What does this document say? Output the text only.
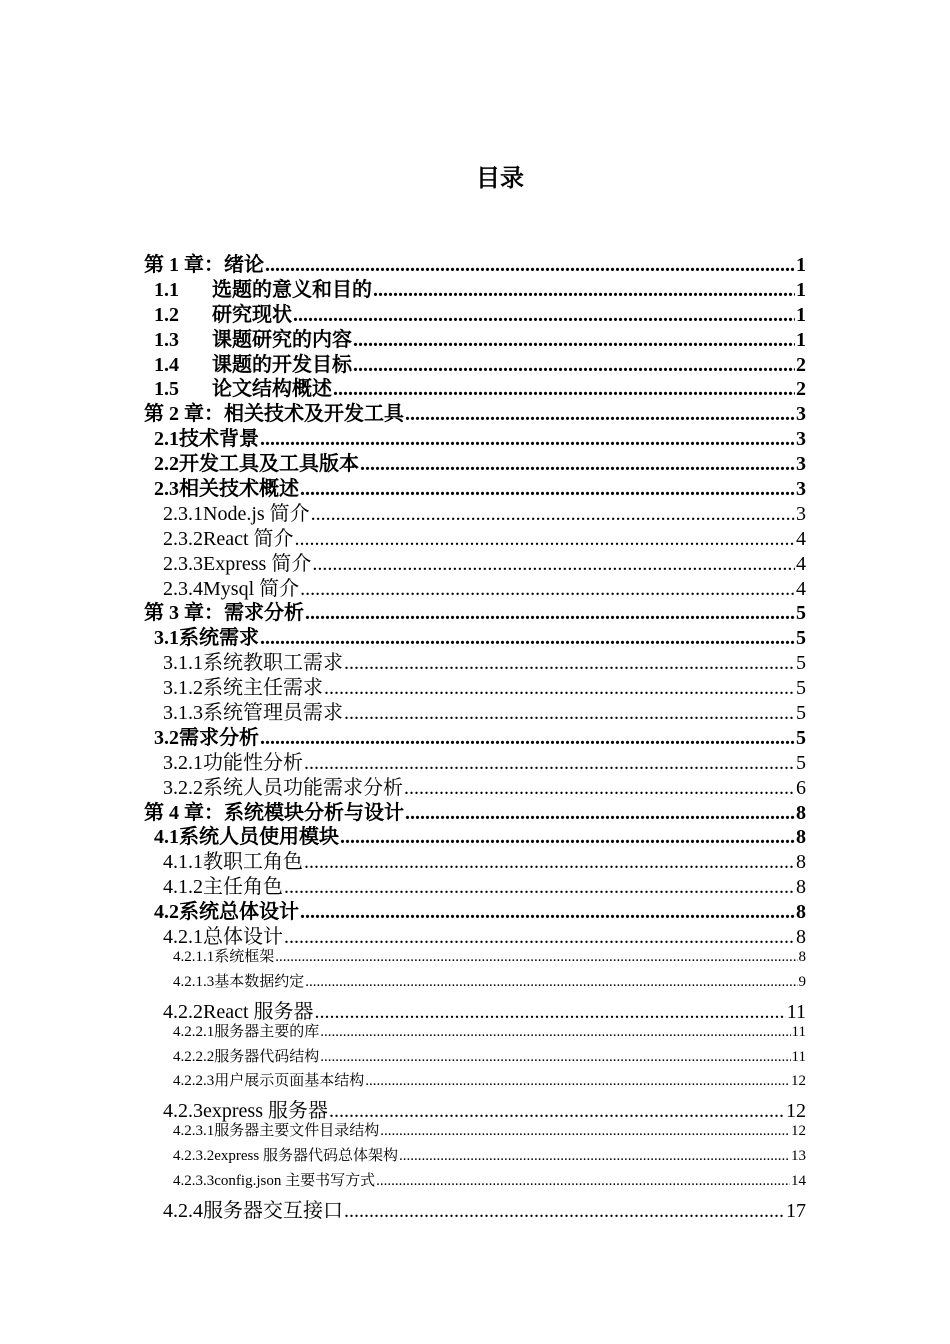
目录
第 1 章：绪论 .....	1
1.1 选题的意义和目的 .....	1
1.2 研究现状 .....	1
1.3 课题研究的内容 .....	1
1.4 课题的开发目标 .....	2
1.5 论文结构概述 .....	2
第 2 章：相关技术及开发工具 .....	3
2.1技术背景 .....	3
2.2开发工具及工具版本 .....	3
2.3相关技术概述 .....	3
2.3.1Node.js 简介 .....	3
2.3.2React 简介 .....	4
2.3.3Express 简介 .....	4
2.3.4Mysql 简介 .....	4
第 3 章：需求分析 .....	5
3.1系统需求 .....	5
3.1.1系统教职工需求 .....	5
3.1.2系统主任需求 .....	5
3.1.3系统管理员需求 .....	5
3.2需求分析 .....	5
3.2.1功能性分析 .....	5
3.2.2系统人员功能需求分析 .....	6
第 4 章：系统模块分析与设计 .....	8
4.1系统人员使用模块 .....	8
4.1.1教职工角色 .....	8
4.1.2主任角色 .....	8
4.2系统总体设计 .....	8
4.2.1总体设计 .....	8
4.2.1.1系统框架 .....	8
4.2.1.3基本数据约定 .....	9
4.2.2React 服务器 .....	11
4.2.2.1服务器主要的库 .....	11
4.2.2.2服务器代码结构 .....	11
4.2.2.3用户展示页面基本结构 .....	12
4.2.3express 服务器 .....	12
4.2.3.1服务器主要文件目录结构 .....	12
4.2.3.2express 服务器代码总体架构 .....	13
4.2.3.3config.json 主要书写方式 .....	14
4.2.4服务器交互接口 .....	17
